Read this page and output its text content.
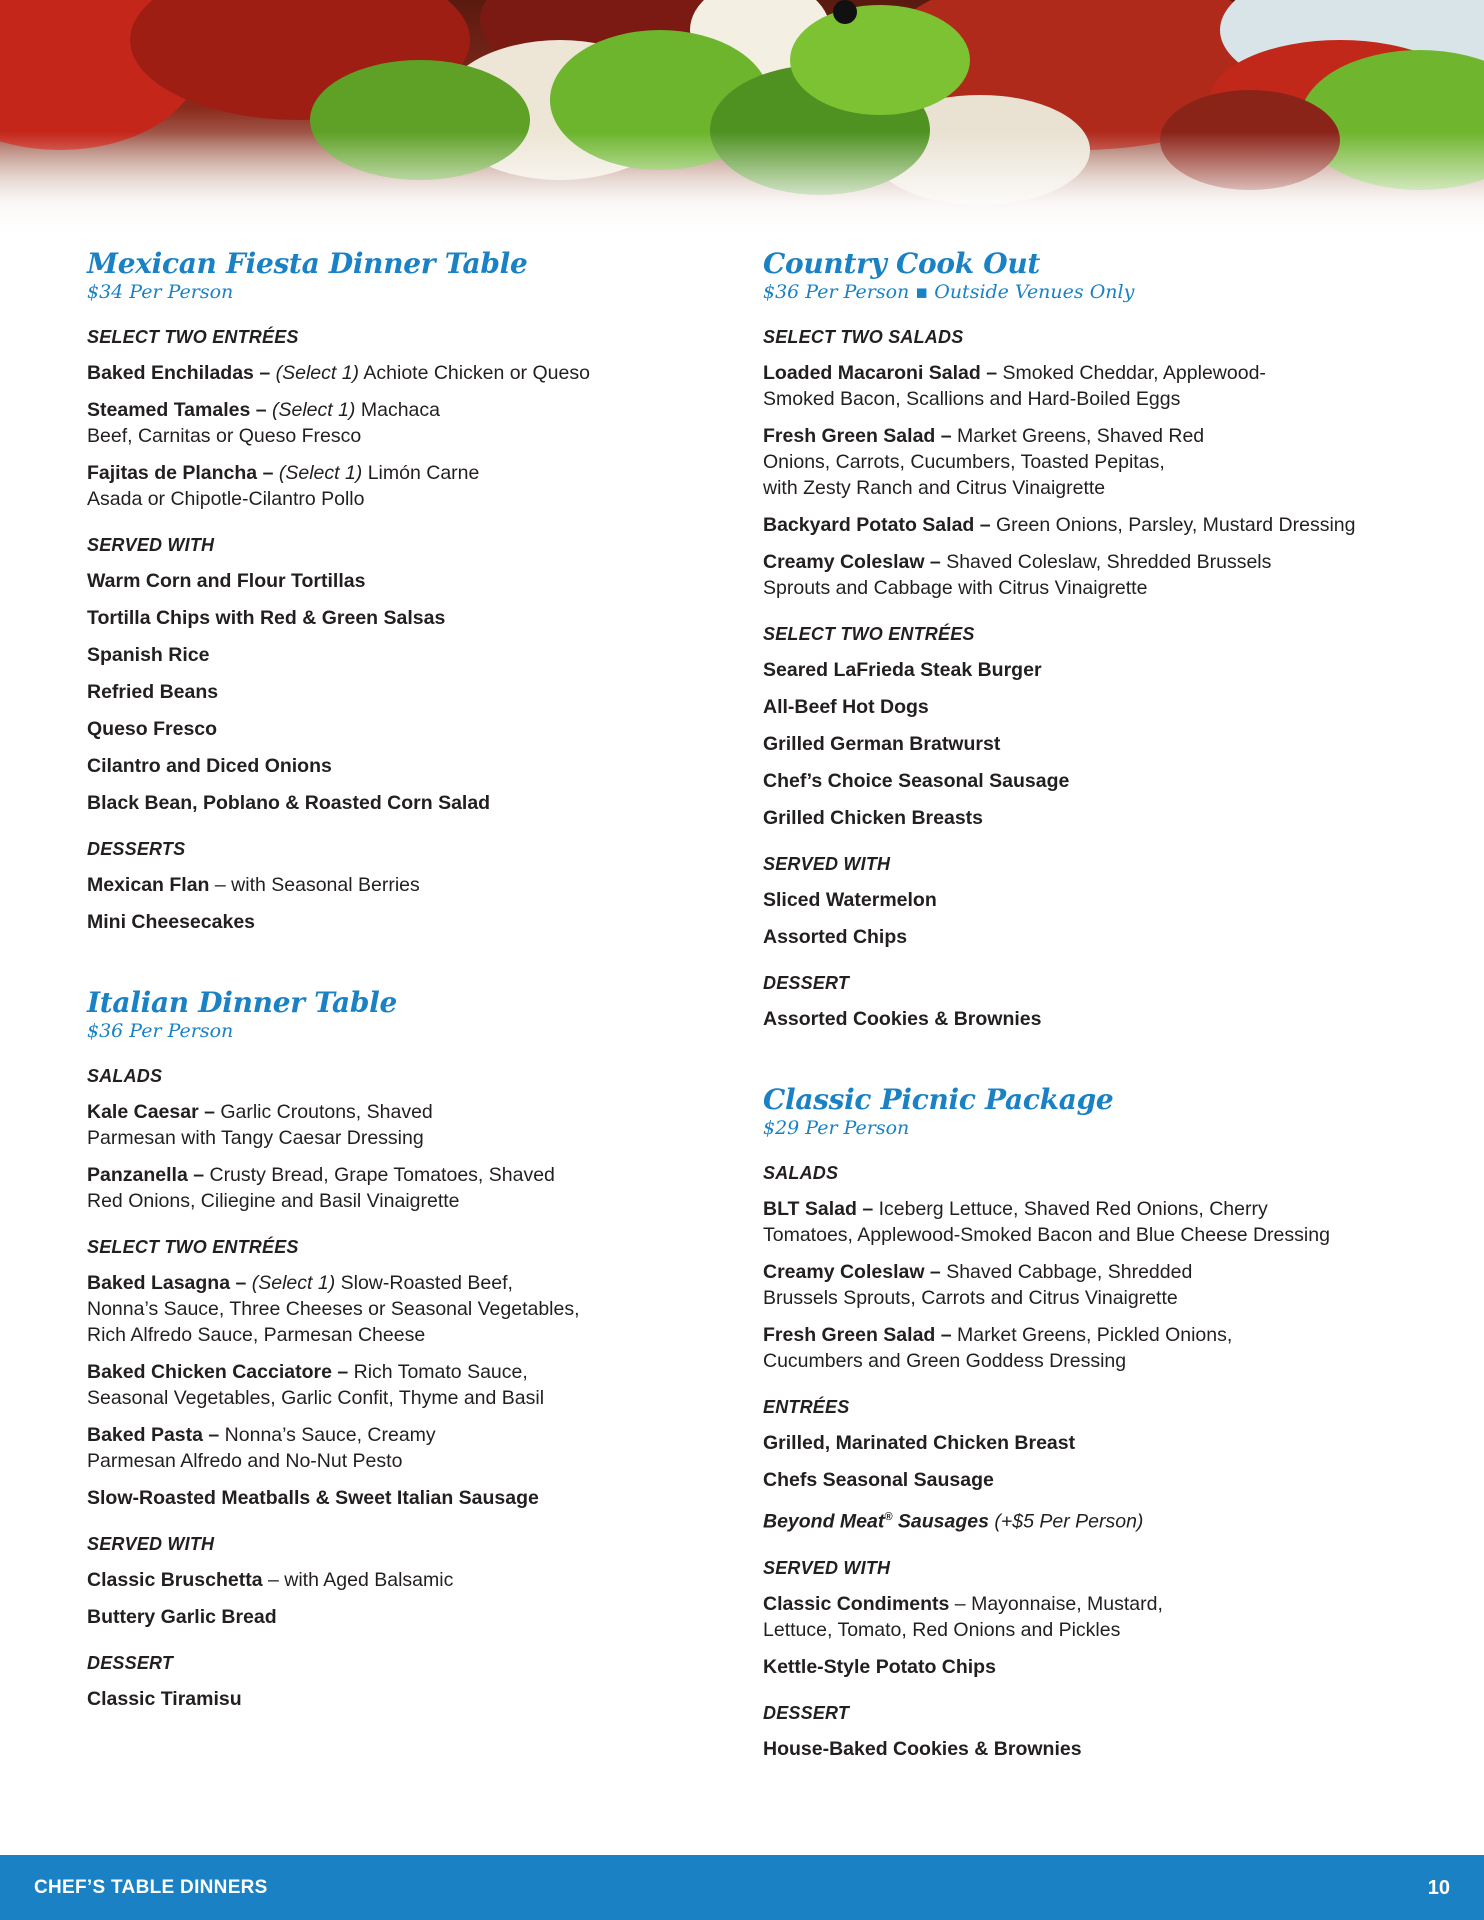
Mexican Fiesta Dinner Table

$34 Per Person

SELECT TWO ENTRÉES

Baked Enchiladas – (Select 1) Achiote Chicken or Queso

Steamed Tamales – (Select 1) Machaca
Beef, Carnitas or Queso Fresco

Fajitas de Plancha – (Select 1) Limón Carne
Asada or Chipotle-Cilantro Pollo

SERVED WITH

Warm Corn and Flour Tortillas

Tortilla Chips with Red & Green Salsas

Spanish Rice

Refried Beans

Queso Fresco

Cilantro and Diced Onions

Black Bean, Poblano & Roasted Corn Salad

DESSERTS

Mexican Flan – with Seasonal Berries

Mini Cheesecakes

Italian Dinner Table

$36 Per Person

SALADS

Kale Caesar – Garlic Croutons, Shaved
Parmesan with Tangy Caesar Dressing

Panzanella – Crusty Bread, Grape Tomatoes, Shaved
Red Onions, Ciliegine and Basil Vinaigrette

SELECT TWO ENTRÉES

Baked Lasagna – (Select 1) Slow-Roasted Beef,
Nonna’s Sauce, Three Cheeses or Seasonal Vegetables,
Rich Alfredo Sauce, Parmesan Cheese

Baked Chicken Cacciatore – Rich Tomato Sauce,
Seasonal Vegetables, Garlic Confit, Thyme and Basil

Baked Pasta – Nonna’s Sauce, Creamy
Parmesan Alfredo and No-Nut Pesto

Slow-Roasted Meatballs & Sweet Italian Sausage

SERVED WITH

Classic Bruschetta – with Aged Balsamic

Buttery Garlic Bread

DESSERT

Classic Tiramisu

Country Cook Out

$36 Per Person ▪ Outside Venues Only

SELECT TWO SALADS

Loaded Macaroni Salad – Smoked Cheddar, Applewood-
Smoked Bacon, Scallions and Hard-Boiled Eggs

Fresh Green Salad – Market Greens, Shaved Red
Onions, Carrots, Cucumbers, Toasted Pepitas,
with Zesty Ranch and Citrus Vinaigrette

Backyard Potato Salad – Green Onions, Parsley, Mustard Dressing

Creamy Coleslaw – Shaved Coleslaw, Shredded Brussels
Sprouts and Cabbage with Citrus Vinaigrette

SELECT TWO ENTRÉES

Seared LaFrieda Steak Burger

All-Beef Hot Dogs

Grilled German Bratwurst

Chef’s Choice Seasonal Sausage

Grilled Chicken Breasts

SERVED WITH

Sliced Watermelon

Assorted Chips

DESSERT

Assorted Cookies & Brownies

Classic Picnic Package

$29 Per Person

SALADS

BLT Salad – Iceberg Lettuce, Shaved Red Onions, Cherry
Tomatoes, Applewood-Smoked Bacon and Blue Cheese Dressing

Creamy Coleslaw – Shaved Cabbage, Shredded
Brussels Sprouts, Carrots and Citrus Vinaigrette

Fresh Green Salad – Market Greens, Pickled Onions,
Cucumbers and Green Goddess Dressing

ENTRÉES

Grilled, Marinated Chicken Breast

Chefs Seasonal Sausage

Beyond Meat® Sausages (+$5 Per Person)

SERVED WITH

Classic Condiments – Mayonnaise, Mustard,
Lettuce, Tomato, Red Onions and Pickles

Kettle-Style Potato Chips

DESSERT

House-Baked Cookies & Brownies

CHEF’S TABLE DINNERS	10
